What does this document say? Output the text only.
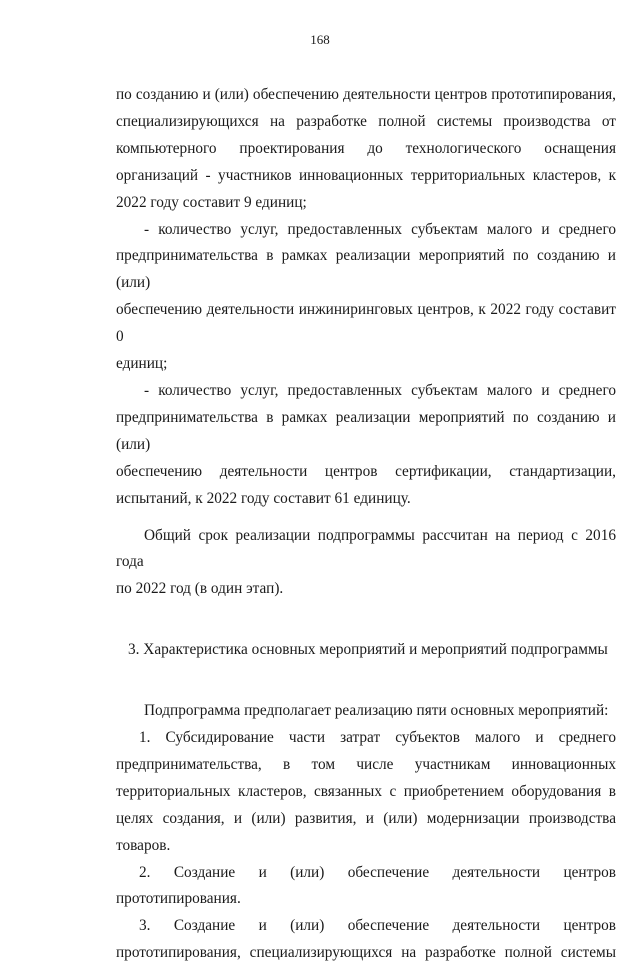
168

по созданию и (или) обеспечению деятельности центров прототипирования,

специализирующихся на разработке полной системы производства от

компьютерного проектирования до технологического оснащения

организаций - участников инновационных территориальных кластеров, к

2022 году составит 9 единиц;

- количество услуг, предоставленных субъектам малого и среднего

предпринимательства в рамках реализации мероприятий по созданию и (или)

обеспечению деятельности инжиниринговых центров, к 2022 году составит 0

единиц;

- количество услуг, предоставленных субъектам малого и среднего

предпринимательства в рамках реализации мероприятий по созданию и (или)

обеспечению деятельности центров сертификации, стандартизации,

испытаний, к 2022 году составит 61 единицу.

Общий срок реализации подпрограммы рассчитан на период с 2016 года

по 2022 год (в один этап).

3. Характеристика основных мероприятий и мероприятий подпрограммы

Подпрограмма предполагает реализацию пяти основных мероприятий:

1. Субсидирование части затрат субъектов малого и среднего

предпринимательства, в том числе участникам инновационных

территориальных кластеров, связанных с приобретением оборудования в

целях создания, и (или) развития, и (или) модернизации производства

товаров.

2. Создание и (или) обеспечение деятельности центров

прототипирования.

3. Создание и (или) обеспечение деятельности центров

прототипирования, специализирующихся на разработке полной системы
